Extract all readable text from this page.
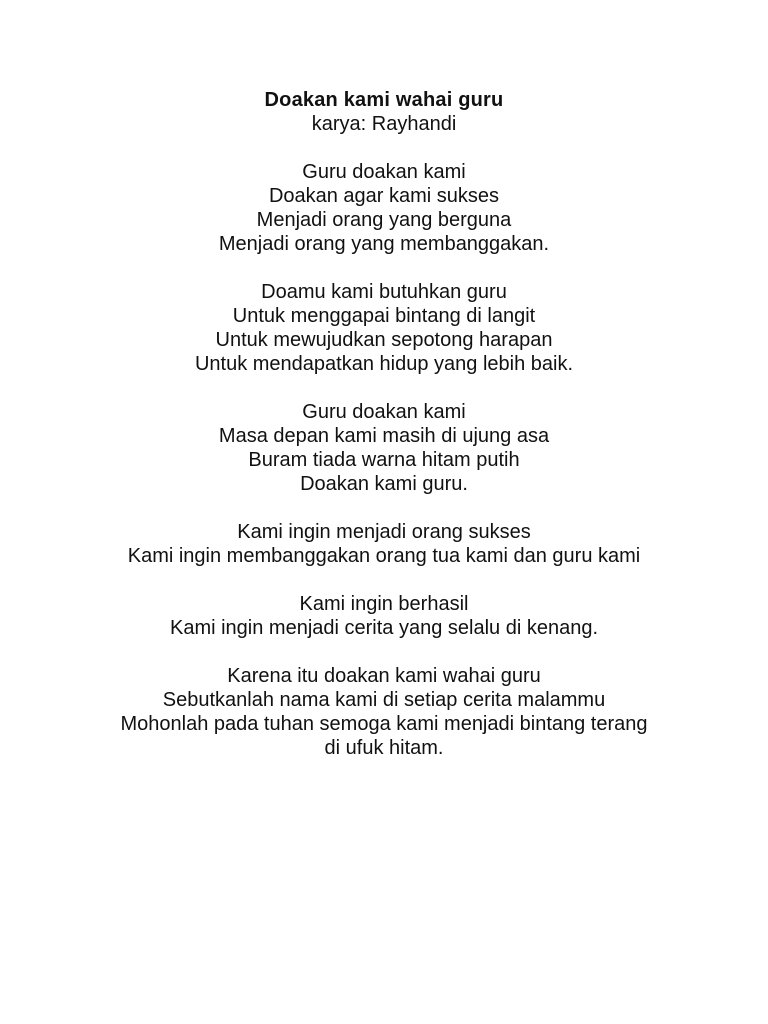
Doakan kami wahai guru
karya: Rayhandi
Guru doakan kami
Doakan agar kami sukses
Menjadi orang yang berguna
Menjadi orang yang membanggakan.
Doamu kami butuhkan guru
Untuk menggapai bintang di langit
Untuk mewujudkan sepotong harapan
Untuk mendapatkan hidup yang lebih baik.
Guru doakan kami
Masa depan kami masih di ujung asa
Buram tiada warna hitam putih
Doakan kami guru.
Kami ingin menjadi orang sukses
Kami ingin membanggakan orang tua kami dan guru kami
Kami ingin berhasil
Kami ingin menjadi cerita yang selalu di kenang.
Karena itu doakan kami wahai guru
Sebutkanlah nama kami di setiap cerita malammu
Mohonlah pada tuhan semoga kami menjadi bintang terang
di ufuk hitam.
